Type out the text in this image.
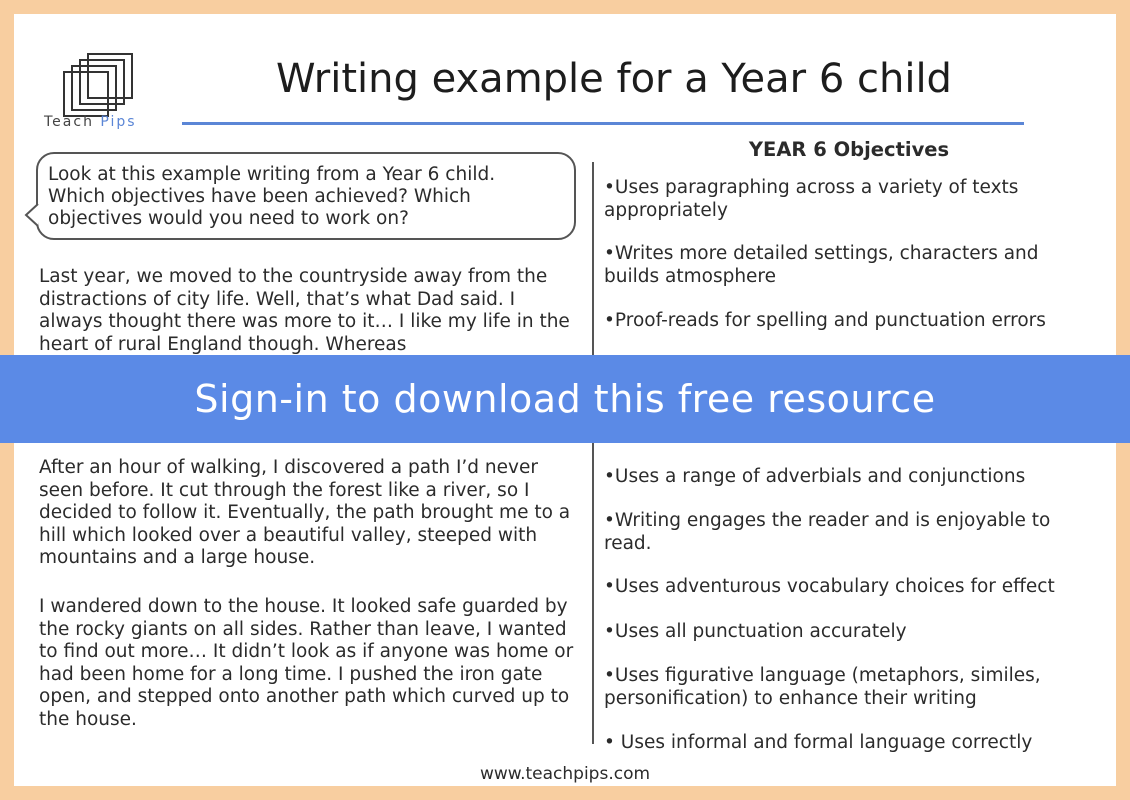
Teach Pips
Writing example for a Year 6 child
Look at this example writing from a Year 6 child. Which objectives have been achieved? Which objectives would you need to work on?
Last year, we moved to the countryside away from the distractions of city life. Well, that’s what Dad said. I always thought there was more to it… I like my life in the heart of rural England though. Whereas
After an hour of walking, I discovered a path I’d never seen before. It cut through the forest like a river, so I decided to follow it. Eventually, the path brought me to a hill which looked over a beautiful valley, steeped with mountains and a large house.
I wandered down to the house. It looked safe guarded by the rocky giants on all sides. Rather than leave, I wanted to find out more… It didn’t look as if anyone was home or had been home for a long time. I pushed the iron gate open, and stepped onto another path which curved up to the house.
YEAR 6 Objectives
•Uses paragraphing across a variety of texts appropriately
•Writes more detailed settings, characters and builds atmosphere
•Proof-reads for spelling and punctuation errors
•Uses a range of adverbials and conjunctions
•Writing engages the reader and is enjoyable to read.
•Uses adventurous vocabulary choices for effect
•Uses all punctuation accurately
•Uses figurative language (metaphors, similes, personification) to enhance their writing
• Uses informal and formal language correctly
www.teachpips.com
Sign-in to download this free resource
